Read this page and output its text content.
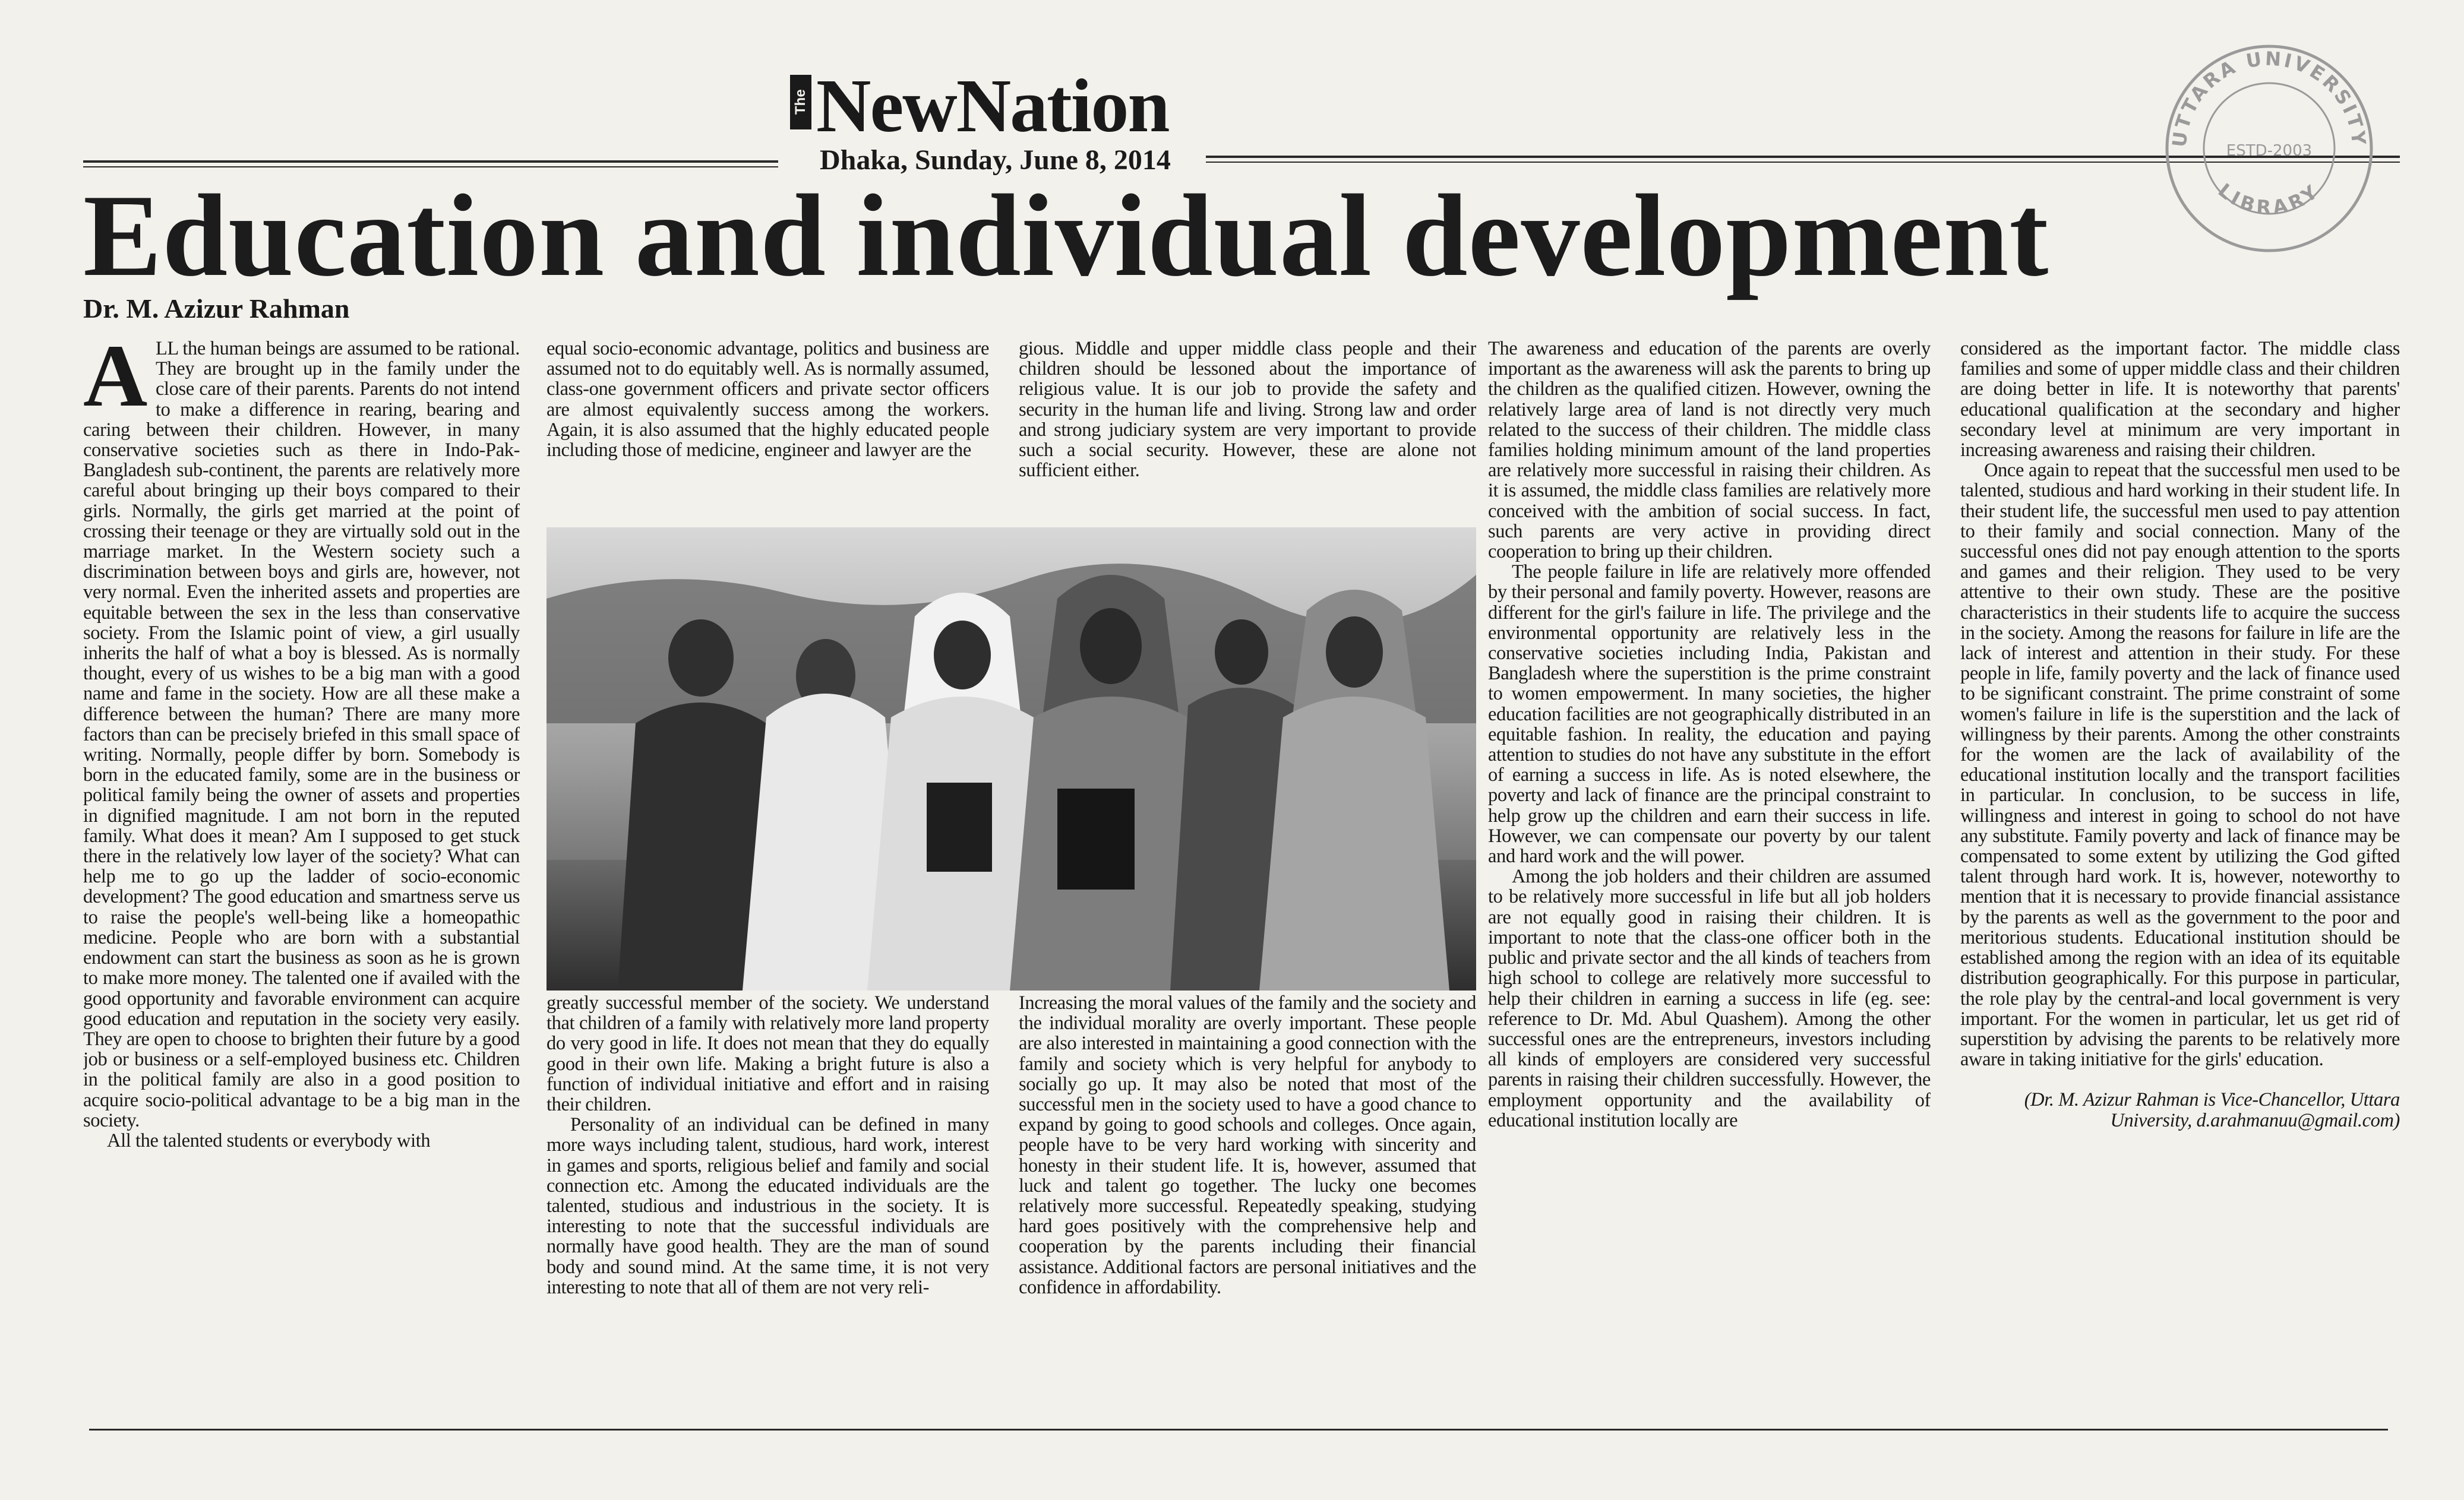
The NewNation
Dhaka, Sunday, June 8, 2014
UTTARA UNIVERSITY
LIBRARY
ESTD-2003
Education and individual development
Dr. M. Azizur Rahman

ALL the human beings are assumed to be rational. They are brought up in the family under the close care of their parents. Parents do not intend to make a difference in rearing, bearing and caring between their children. However, in many conservative societies such as there in Indo-Pak-Bangladesh sub-continent, the parents are relatively more careful about bringing up their boys compared to their girls. Normally, the girls get married at the point of crossing their teenage or they are virtually sold out in the marriage market. In the Western society such a discrimination between boys and girls are, however, not very normal. Even the inherited assets and properties are equitable between the sex in the less than conservative society. From the Islamic point of view, a girl usually inherits the half of what a boy is blessed. As is normally thought, every of us wishes to be a big man with a good name and fame in the society. How are all these make a difference between the human? There are many more factors than can be precisely briefed in this small space of writing. Normally, people differ by born. Somebody is born in the educated family, some are in the business or political family being the owner of assets and properties in dignified magnitude. I am not born in the reputed family. What does it mean? Am I supposed to get stuck there in the relatively low layer of the society? What can help me to go up the ladder of socio-economic development? The good education and smartness serve us to raise the people's well-being like a homeopathic medicine. People who are born with a substantial endowment can start the business as soon as he is grown to make more money. The talented one if availed with the good opportunity and favorable environment can acquire good education and reputation in the society very easily. They are open to choose to brighten their future by a good job or business or a self-employed business etc. Children in the political family are also in a good position to acquire socio-political advantage to be a big man in the society.

All the talented students or everybody with

equal socio-economic advantage, politics and business are assumed not to do equitably well. As is normally assumed, class-one government officers and private sector officers are almost equivalently success among the workers. Again, it is also assumed that the highly educated people including those of medicine, engineer and lawyer are the

gious. Middle and upper middle class people and their children should be lessoned about the importance of religious value. It is our job to provide the safety and security in the human life and living. Strong law and order and strong judiciary system are very important to provide such a social security. However, these are alone not sufficient either.

greatly successful member of the society. We understand that children of a family with relatively more land property do very good in life. It does not mean that they do equally good in their own life. Making a bright future is also a function of individual initiative and effort and in raising their children.

Personality of an individual can be defined in many more ways including talent, studious, hard work, interest in games and sports, religious belief and family and social connection etc. Among the educated individuals are the talented, studious and industrious in the society. It is interesting to note that the successful individuals are normally have good health. They are the man of sound body and sound mind. At the same time, it is not very interesting to note that all of them are not very reli-

Increasing the moral values of the family and the society and the individual morality are overly important. These people are also interested in maintaining a good connection with the family and society which is very helpful for anybody to socially go up. It may also be noted that most of the successful men in the society used to have a good chance to expand by going to good schools and colleges. Once again, people have to be very hard working with sincerity and honesty in their student life. It is, however, assumed that luck and talent go together. The lucky one becomes relatively more successful. Repeatedly speaking, studying hard goes positively with the comprehensive help and cooperation by the parents including their financial assistance. Additional factors are personal initiatives and the confidence in affordability.

The awareness and education of the parents are overly important as the awareness will ask the parents to bring up the children as the qualified citizen. However, owning the relatively large area of land is not directly very much related to the success of their children. The middle class families holding minimum amount of the land properties are relatively more successful in raising their children. As it is assumed, the middle class families are relatively more conceived with the ambition of social success. In fact, such parents are very active in providing direct cooperation to bring up their children.

The people failure in life are relatively more offended by their personal and family poverty. However, reasons are different for the girl's failure in life. The privilege and the environmental opportunity are relatively less in the conservative societies including India, Pakistan and Bangladesh where the superstition is the prime constraint to women empowerment. In many societies, the higher education facilities are not geographically distributed in an equitable fashion. In reality, the education and paying attention to studies do not have any substitute in the effort of earning a success in life. As is noted elsewhere, the poverty and lack of finance are the principal constraint to help grow up the children and earn their success in life. However, we can compensate our poverty by our talent and hard work and the will power.

Among the job holders and their children are assumed to be relatively more successful in life but all job holders are not equally good in raising their children. It is important to note that the class-one officer both in the public and private sector and the all kinds of teachers from high school to college are relatively more successful to help their children in earning a success in life (eg. see: reference to Dr. Md. Abul Quashem). Among the other successful ones are the entrepreneurs, investors including all kinds of employers are considered very successful parents in raising their children successfully. However, the employment opportunity and the availability of educational institution locally are

considered as the important factor. The middle class families and some of upper middle class and their children are doing better in life. It is noteworthy that parents' educational qualification at the secondary and higher secondary level at minimum are very important in increasing awareness and raising their children.

Once again to repeat that the successful men used to be talented, studious and hard working in their student life. In their student life, the successful men used to pay attention to their family and social connection. Many of the successful ones did not pay enough attention to the sports and games and their religion. They used to be very attentive to their own study. These are the positive characteristics in their students life to acquire the success in the society. Among the reasons for failure in life are the lack of interest and attention in their study. For these people in life, family poverty and the lack of finance used to be significant constraint. The prime constraint of some women's failure in life is the superstition and the lack of willingness by their parents. Among the other constraints for the women are the lack of availability of the educational institution locally and the transport facilities in particular. In conclusion, to be success in life, willingness and interest in going to school do not have any substitute. Family poverty and lack of finance may be compensated to some extent by utilizing the God gifted talent through hard work. It is, however, noteworthy to mention that it is necessary to provide financial assistance by the parents as well as the government to the poor and meritorious students. Educational institution should be established among the region with an idea of its equitable distribution geographically. For this purpose in particular, the role play by the central-and local government is very important. For the women in particular, let us get rid of superstition by advising the parents to be relatively more aware in taking initiative for the girls' education.

(Dr. M. Azizur Rahman is Vice-Chancellor, Uttara University, d.arahmanuu@gmail.com)
